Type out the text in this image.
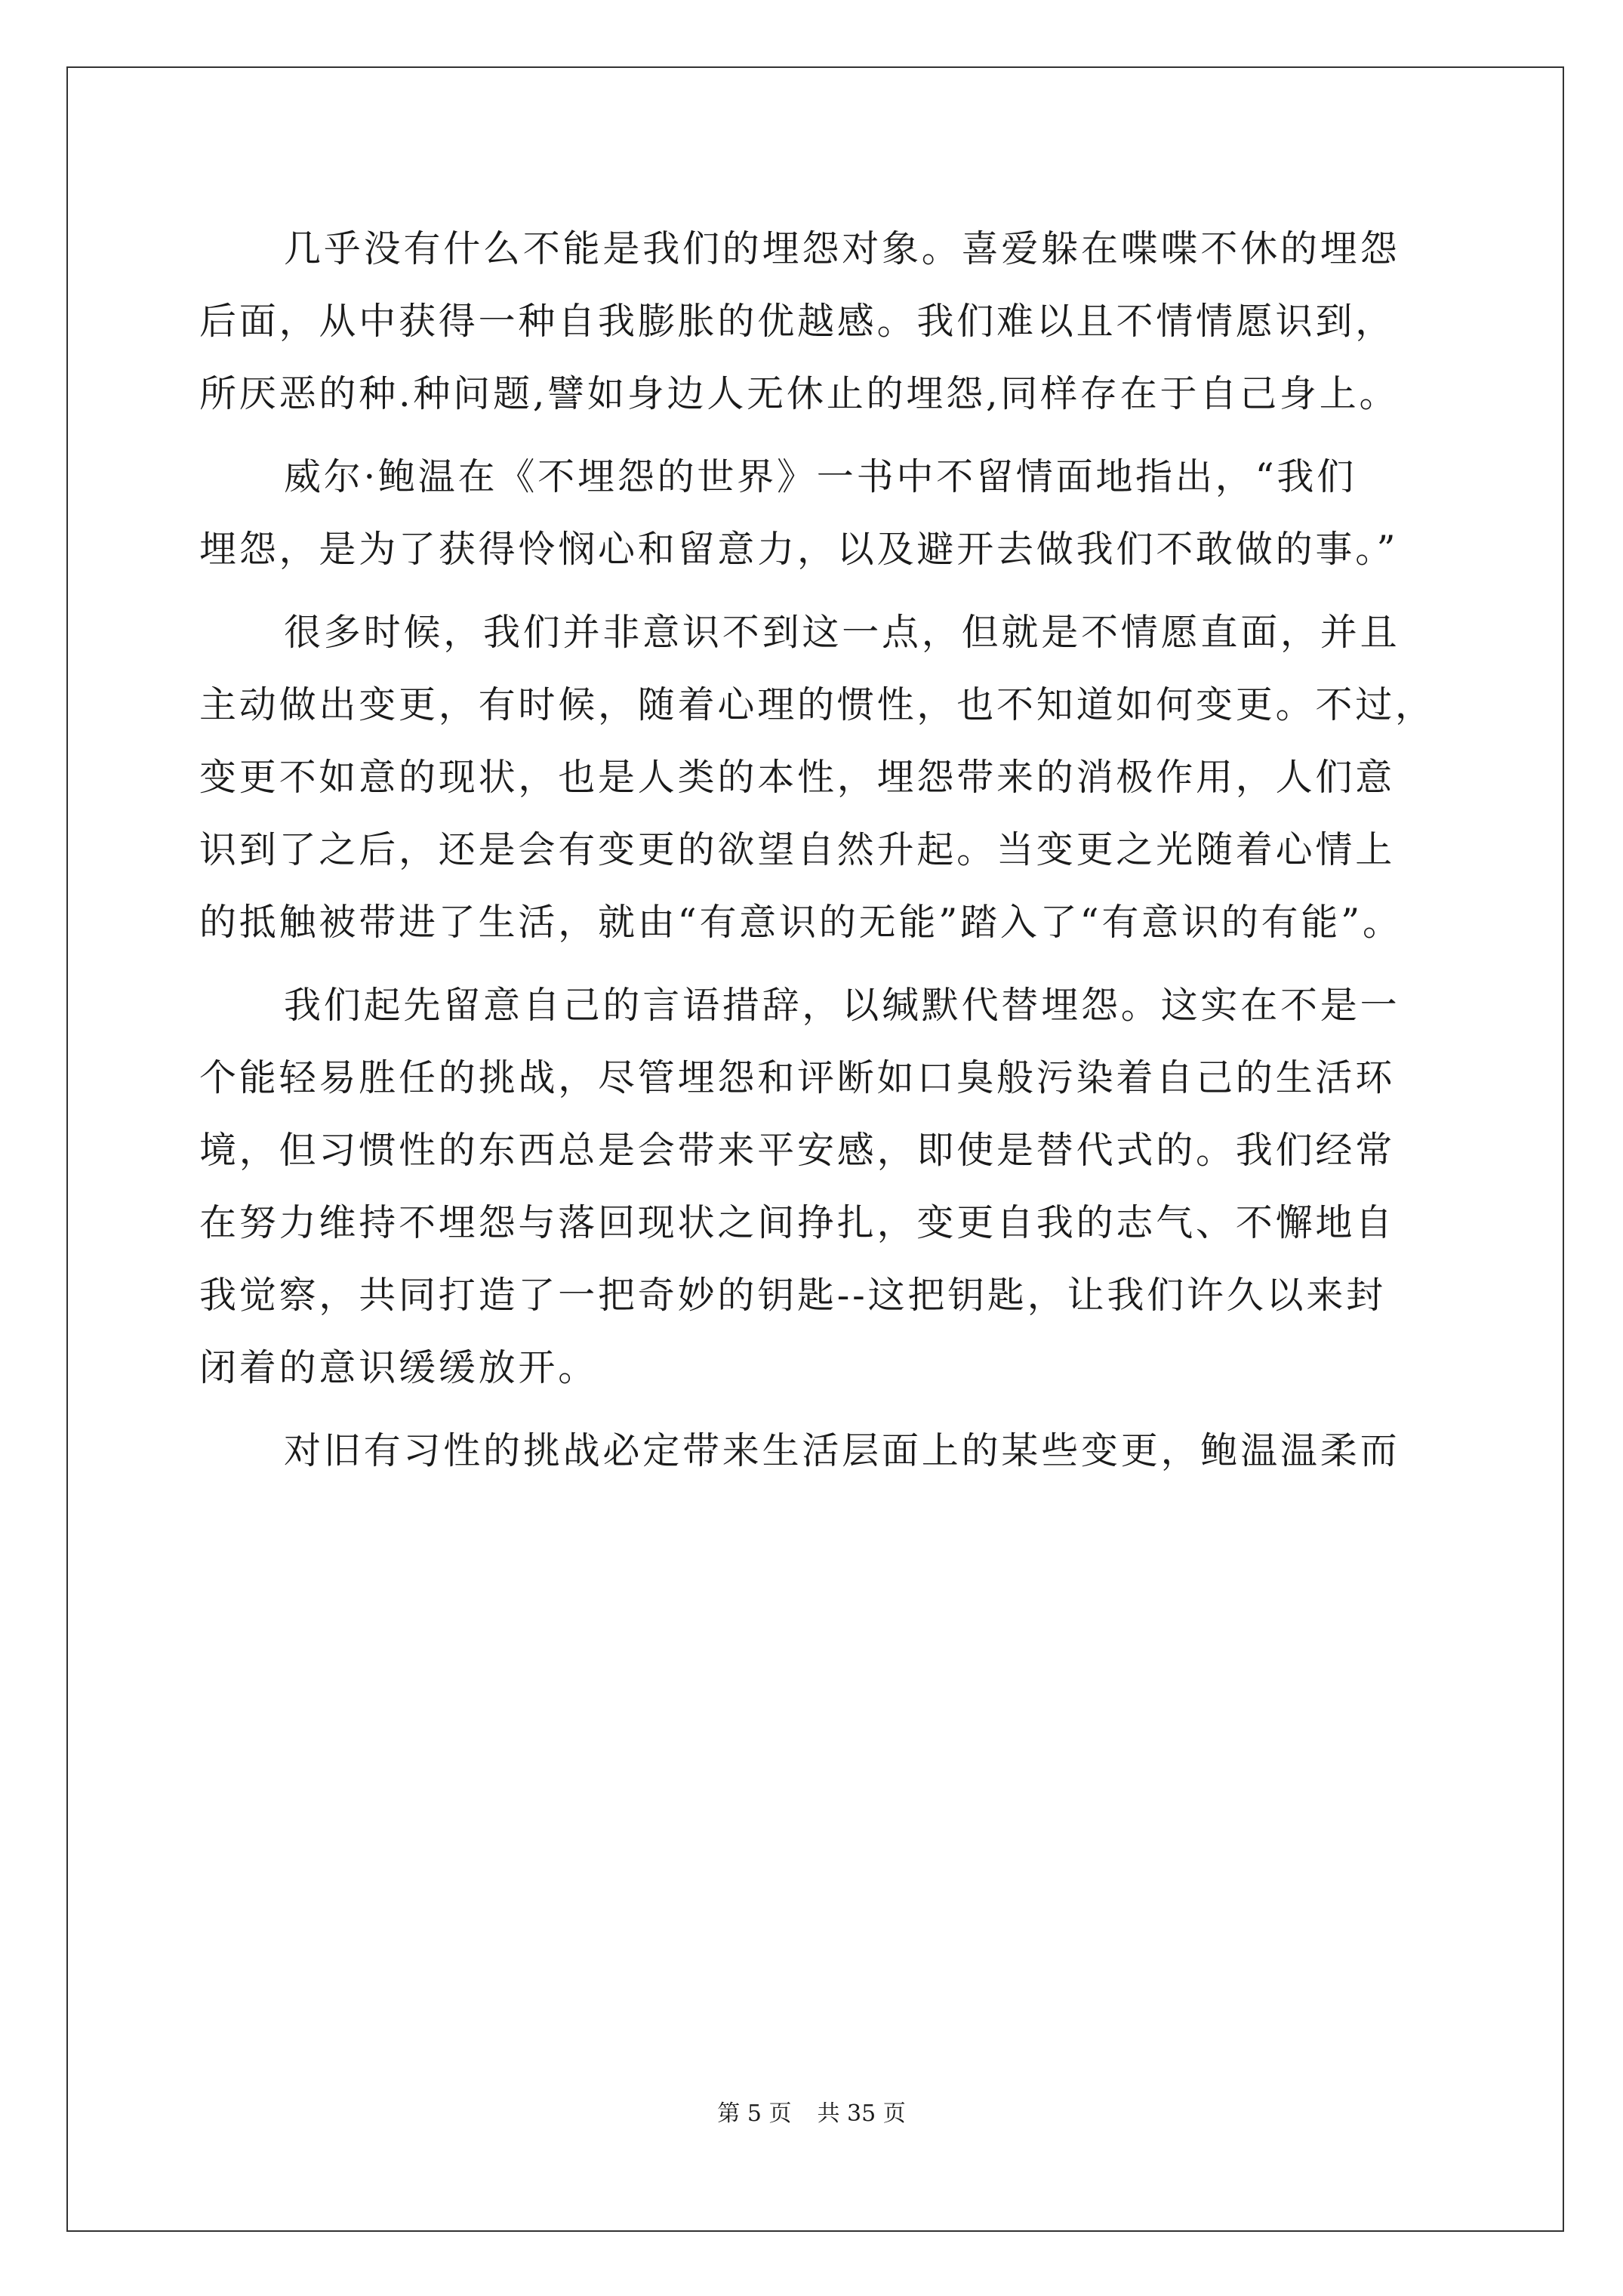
几乎没有什么不能是我们的埋怨对象。喜爱躲在喋喋不休的埋怨
后面，从中获得一种自我膨胀的优越感。我们难以且不情情愿识到，
所厌恶的种.种问题,譬如身边人无休止的埋怨,同样存在于自己身上。
威尔·鲍温在《不埋怨的世界》一书中不留情面地指出，“我们
埋怨，是为了获得怜悯心和留意力，以及避开去做我们不敢做的事。”
很多时候，我们并非意识不到这一点，但就是不情愿直面，并且
主动做出变更，有时候，随着心理的惯性，也不知道如何变更。不过，
变更不如意的现状，也是人类的本性，埋怨带来的消极作用，人们意
识到了之后，还是会有变更的欲望自然升起。当变更之光随着心情上
的抵触被带进了生活，就由“有意识的无能”踏入了“有意识的有能”。
我们起先留意自己的言语措辞，以缄默代替埋怨。这实在不是一
个能轻易胜任的挑战，尽管埋怨和评断如口臭般污染着自己的生活环
境，但习惯性的东西总是会带来平安感，即使是替代式的。我们经常
在努力维持不埋怨与落回现状之间挣扎，变更自我的志气、不懈地自
我觉察，共同打造了一把奇妙的钥匙--这把钥匙，让我们许久以来封
闭着的意识缓缓放开。
对旧有习性的挑战必定带来生活层面上的某些变更，鲍温温柔而
第 5 页 共 35 页
